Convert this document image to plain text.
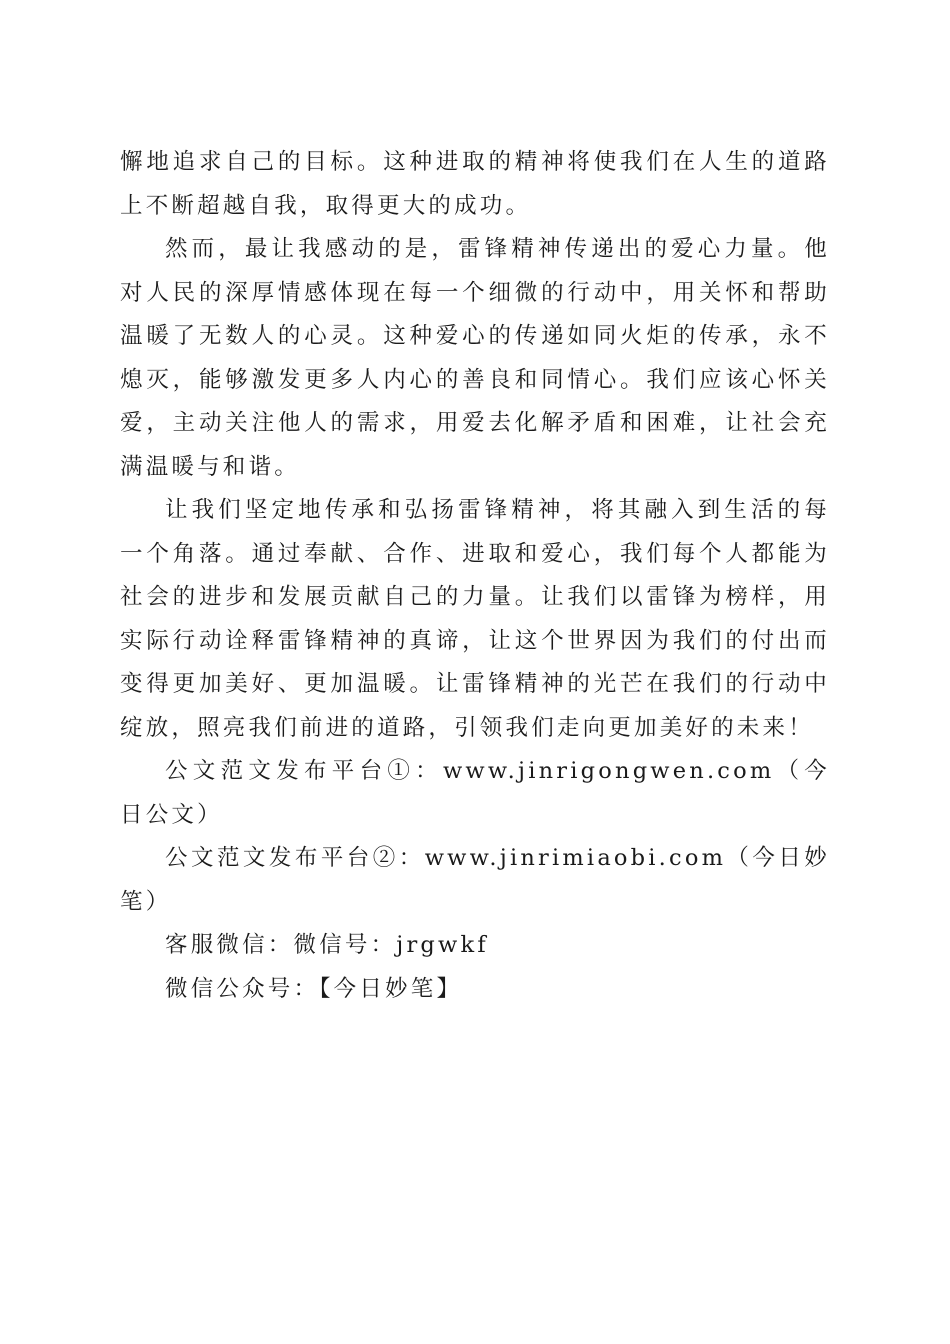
懈地追求自己的目标。这种进取的精神将使我们在人生的道路上不断超越自我，取得更大的成功。

然而，最让我感动的是，雷锋精神传递出的爱心力量。他对人民的深厚情感体现在每一个细微的行动中，用关怀和帮助温暖了无数人的心灵。这种爱心的传递如同火炬的传承，永不熄灭，能够激发更多人内心的善良和同情心。我们应该心怀关爱，主动关注他人的需求，用爱去化解矛盾和困难，让社会充满温暖与和谐。

让我们坚定地传承和弘扬雷锋精神，将其融入到生活的每一个角落。通过奉献、合作、进取和爱心，我们每个人都能为社会的进步和发展贡献自己的力量。让我们以雷锋为榜样，用实际行动诠释雷锋精神的真谛，让这个世界因为我们的付出而变得更加美好、更加温暖。让雷锋精神的光芒在我们的行动中绽放，照亮我们前进的道路，引领我们走向更加美好的未来！

公文范文发布平台①：www.jinrigongwen.com（今日公文）

公文范文发布平台②：www.jinrimiaobi.com（今日妙笔）

客服微信：微信号：jrgwkf

微信公众号：【今日妙笔】
